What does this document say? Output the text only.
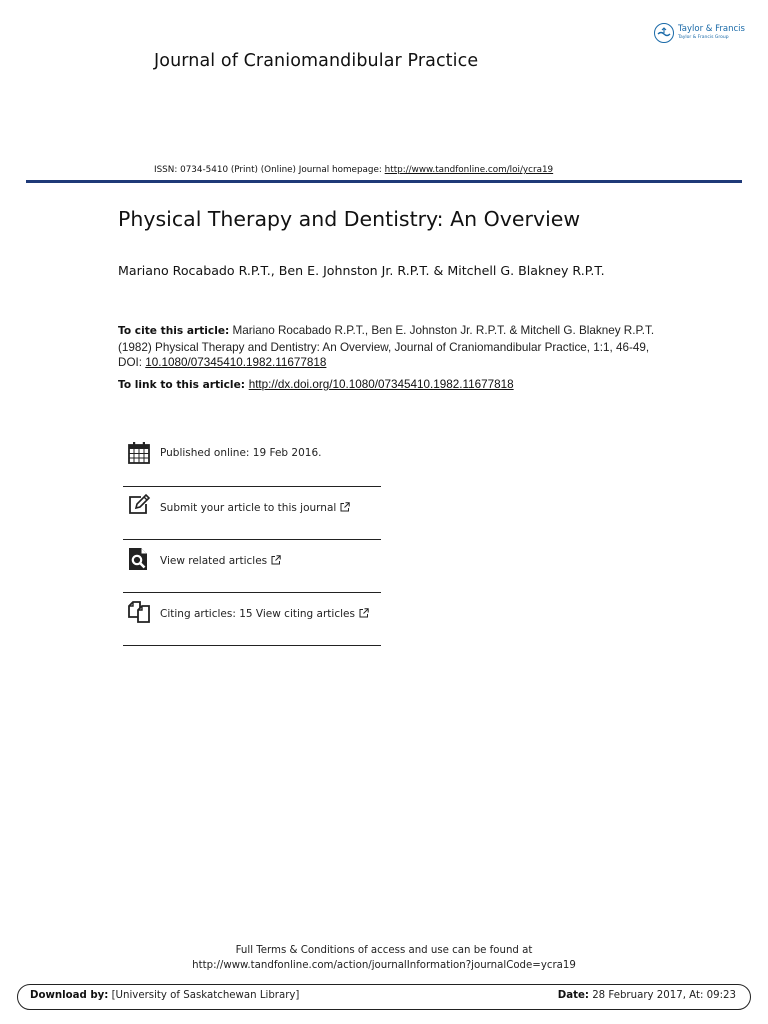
Journal of Craniomandibular Practice
Taylor & Francis
Taylor & Francis Group
ISSN: 0734-5410 (Print) (Online) Journal homepage: http://www.tandfonline.com/loi/ycra19
Physical Therapy and Dentistry: An Overview
Mariano Rocabado R.P.T., Ben E. Johnston Jr. R.P.T. & Mitchell G. Blakney R.P.T.
To cite this article: Mariano Rocabado R.P.T., Ben E. Johnston Jr. R.P.T. & Mitchell G. Blakney R.P.T. (1982) Physical Therapy and Dentistry: An Overview, Journal of Craniomandibular Practice, 1:1, 46-49, DOI: 10.1080/07345410.1982.11677818
To link to this article: http://dx.doi.org/10.1080/07345410.1982.11677818
Published online: 19 Feb 2016.
Submit your article to this journal
View related articles
Citing articles: 15 View citing articles
Full Terms & Conditions of access and use can be found at
http://www.tandfonline.com/action/journalInformation?journalCode=ycra19
Download by: [University of Saskatchewan Library]	Date: 28 February 2017, At: 09:23
